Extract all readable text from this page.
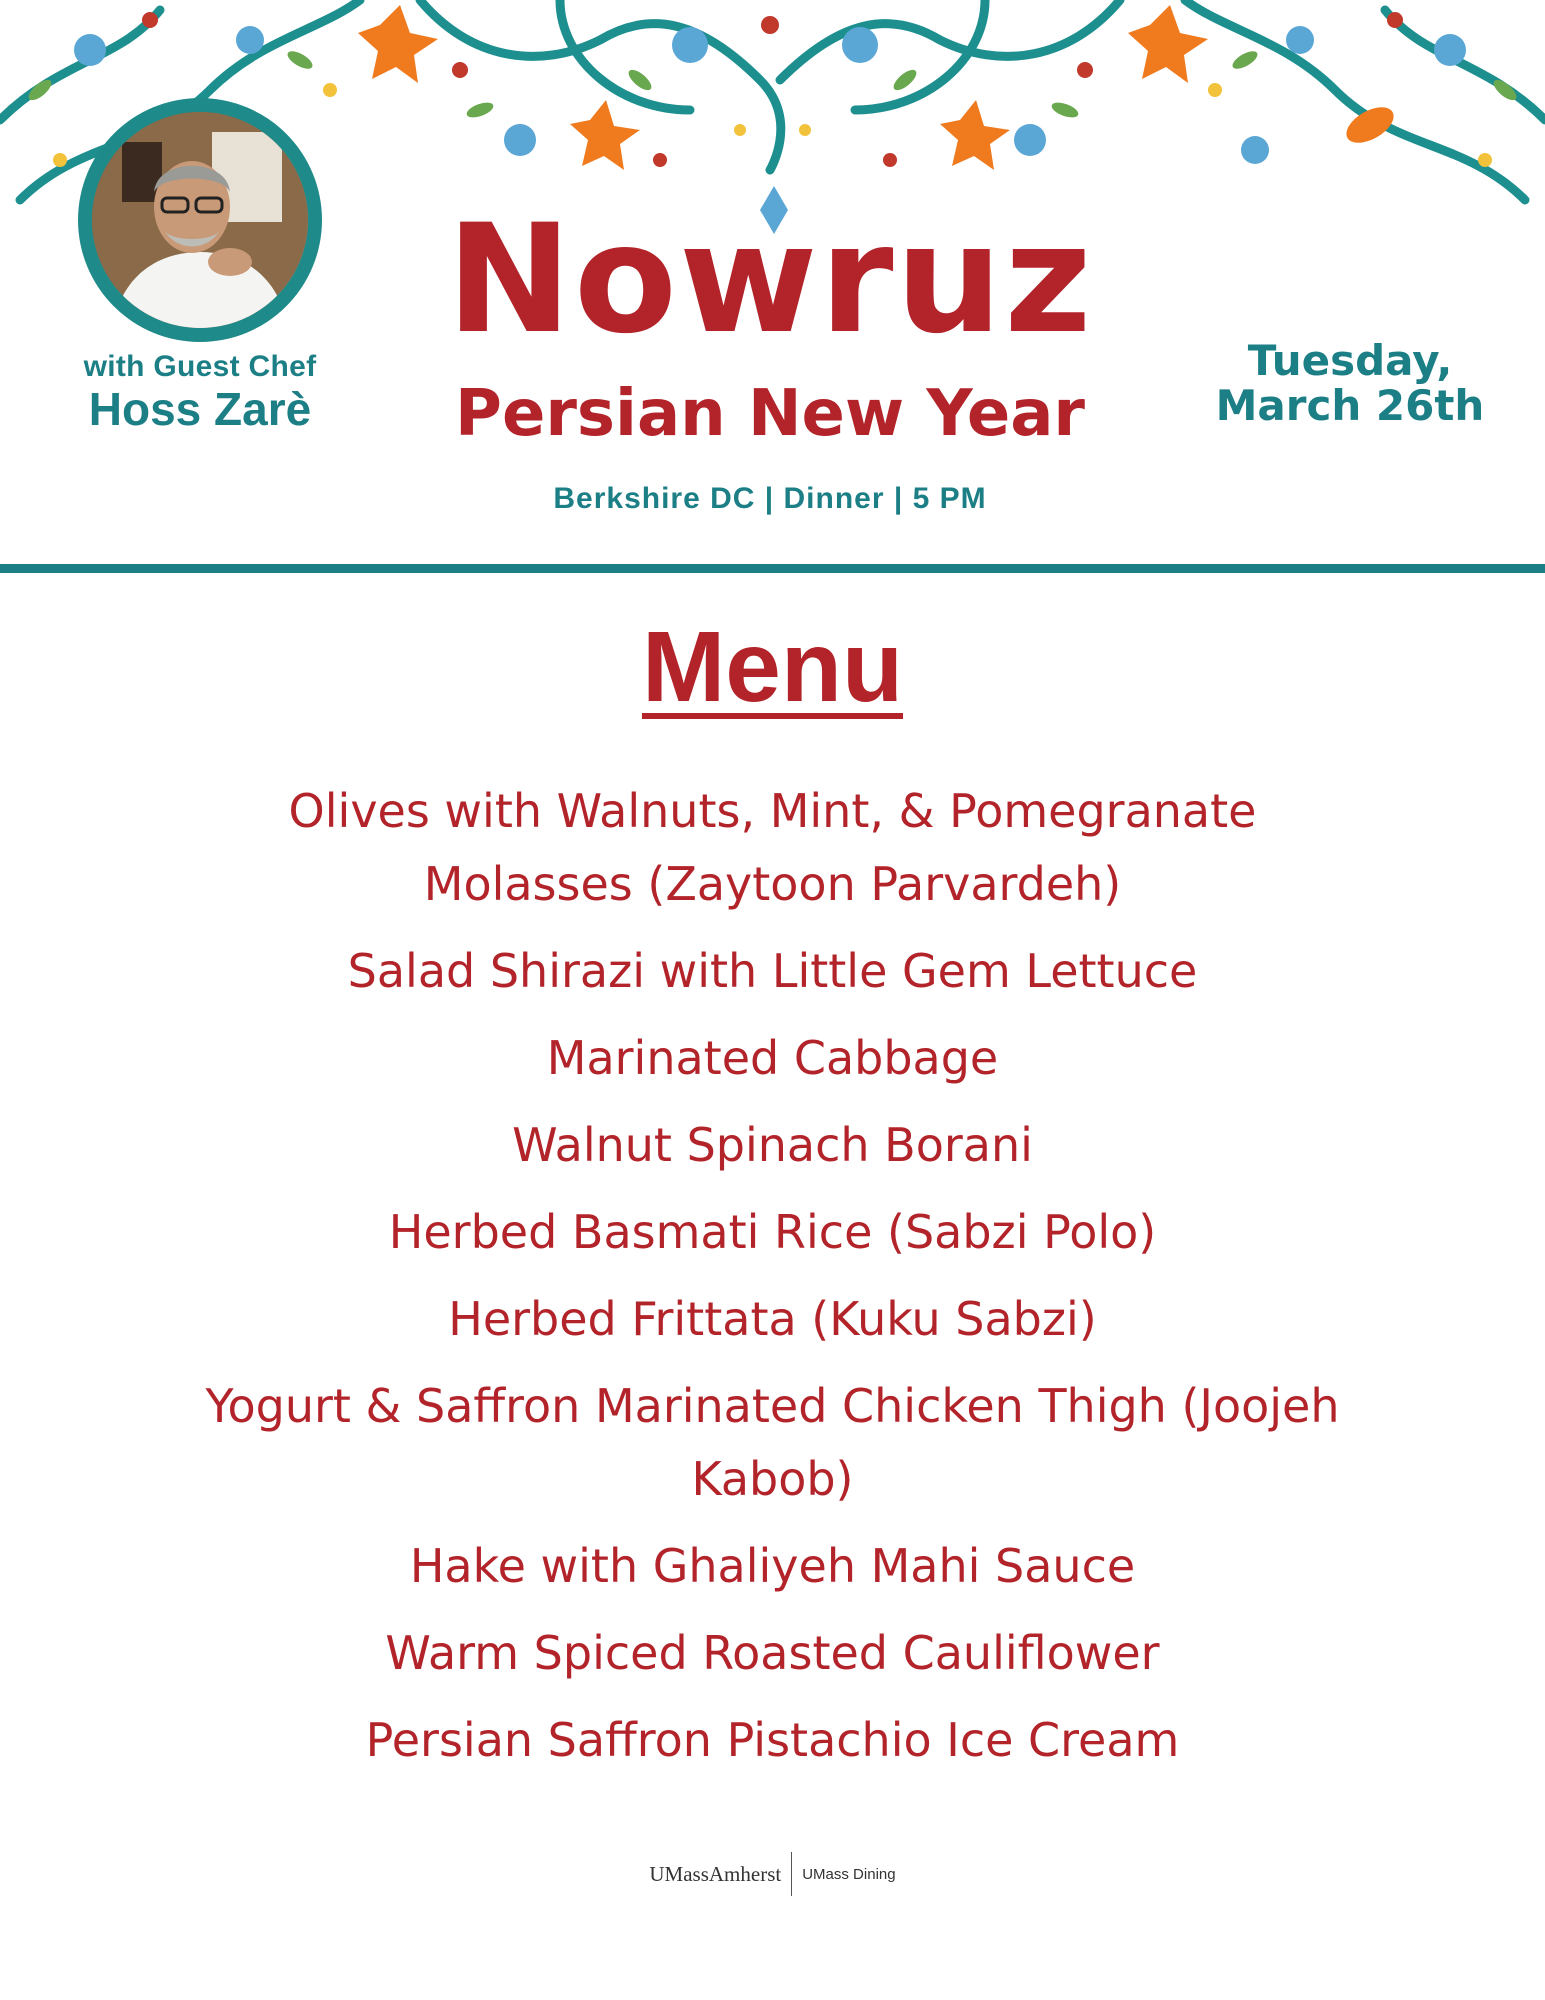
with Guest Chef
Hoss Zarè
Nowruz
Persian New Year
Berkshire DC | Dinner | 5 PM
Tuesday,
March 26th
Menu
Olives with Walnuts, Mint, & Pomegranate Molasses (Zaytoon Parvardeh)
Salad Shirazi with Little Gem Lettuce
Marinated Cabbage
Walnut Spinach Borani
Herbed Basmati Rice (Sabzi Polo)
Herbed Frittata (Kuku Sabzi)
Yogurt & Saffron Marinated Chicken Thigh (Joojeh Kabob)
Hake with Ghaliyeh Mahi Sauce
Warm Spiced Roasted Cauliflower
Persian Saffron Pistachio Ice Cream
UMassAmherst UMass Dining
